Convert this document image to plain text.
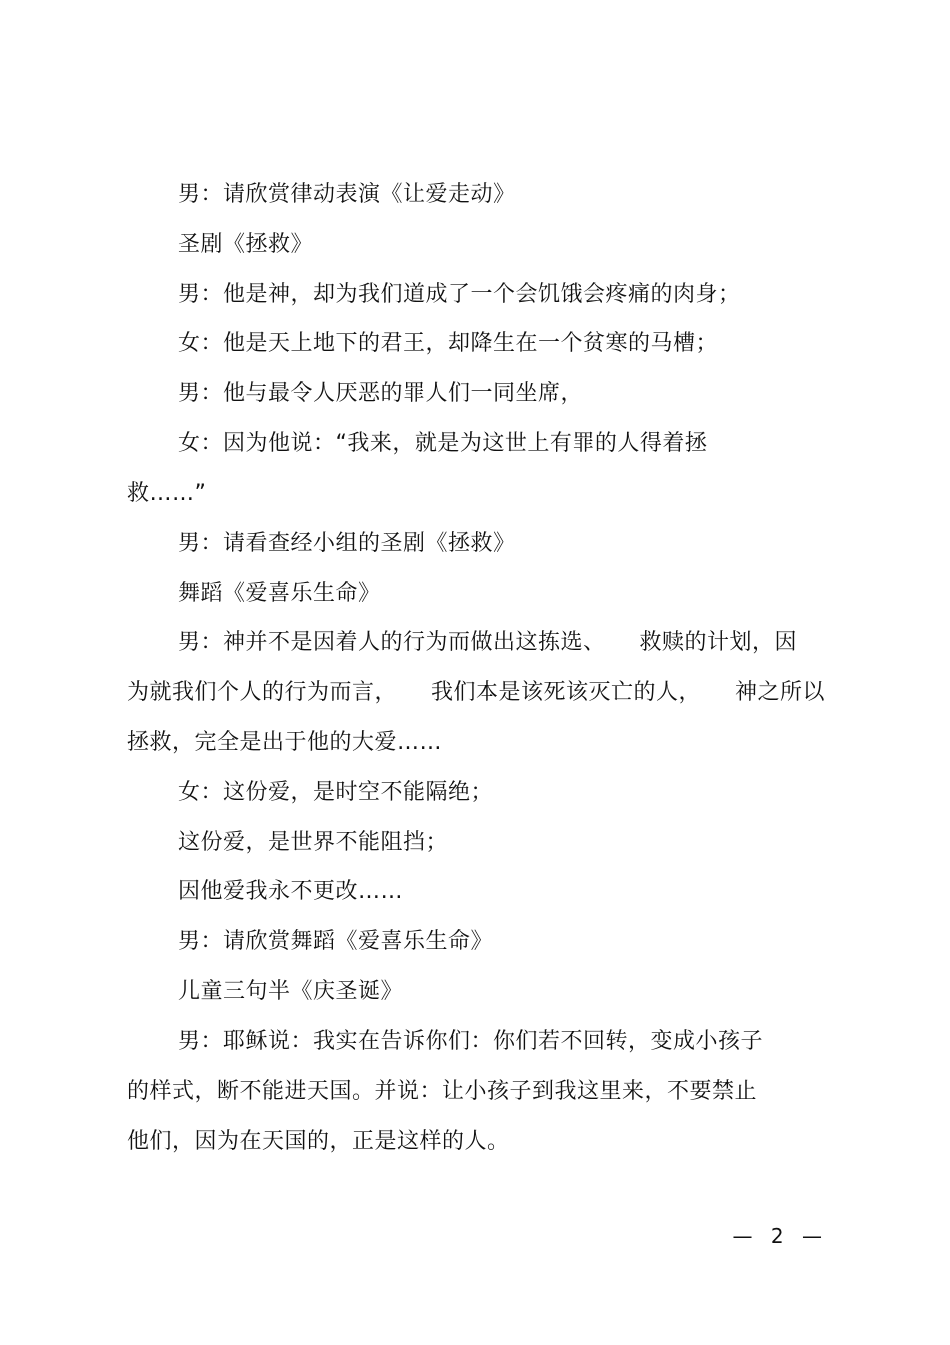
男：请欣赏律动表演《让爱走动》
圣剧《拯救》
男：他是神，却为我们道成了一个会饥饿会疼痛的肉身；
女：他是天上地下的君王，却降生在一个贫寒的马槽；
男：他与最令人厌恶的罪人们一同坐席，
女：因为他说：“我来，就是为这世上有罪的人得着拯
救……”
男：请看查经小组的圣剧《拯救》
舞蹈《爱喜乐生命》
男：神并不是因着人的行为而做出这拣选、　　救赎的计划，因
为就我们个人的行为而言，　　我们本是该死该灭亡的人，　　神之所以
拯救，完全是出于他的大爱……
女：这份爱，是时空不能隔绝；
这份爱，是世界不能阻挡；
因他爱我永不更改……
男：请欣赏舞蹈《爱喜乐生命》
儿童三句半《庆圣诞》
男：耶稣说：我实在告诉你们：你们若不回转，变成小孩子
的样式，断不能进天国。并说：让小孩子到我这里来，不要禁止
他们，因为在天国的，正是这样的人。
— 2 —
